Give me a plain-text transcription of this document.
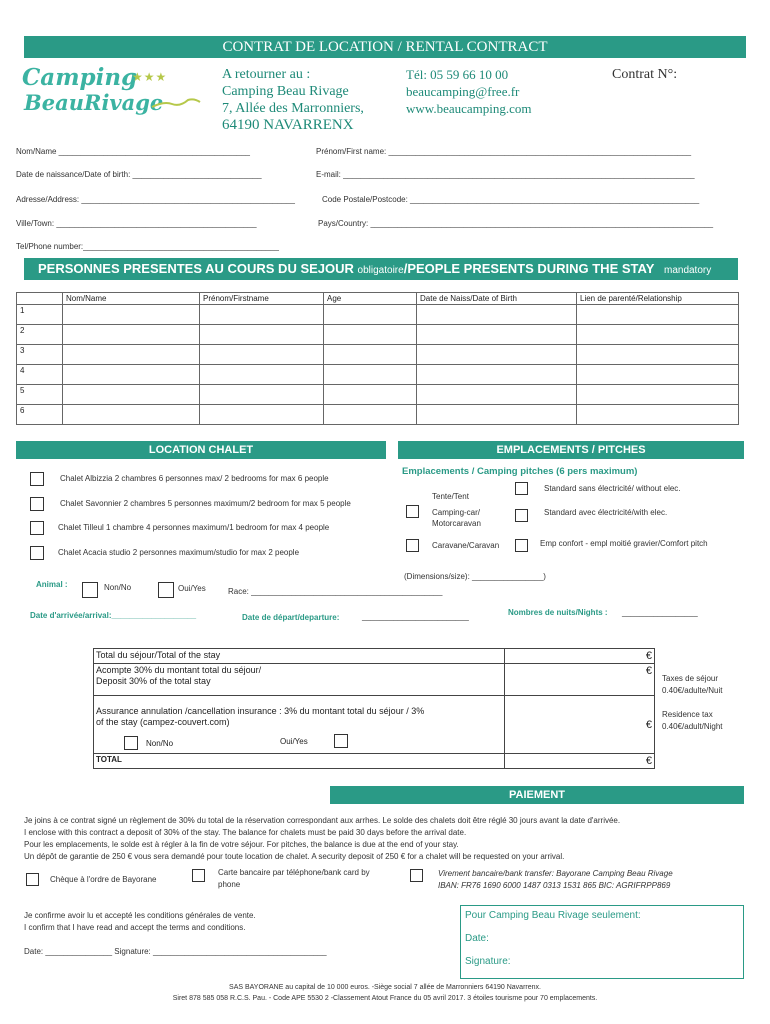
CONTRAT DE LOCATION / RENTAL CONTRACT
Camping
BeauRivage
★★★	A retourner au :
Camping Beau Rivage
7, Allée des Marronniers,
64190 NAVARRENX
Tél: 05 59 66 10 00
beaucamping@free.fr
www.beaucamping.com
Contrat N°:
Nom/Name ___________________________________________	Prénom/First name: ____________________________________________________________________
Date de naissance/Date of birth: _____________________________	E-mail: _______________________________________________________________________________
Adresse/Address: ________________________________________________	Code Postale/Postcode: _________________________________________________________________
Ville/Town: _____________________________________________	Pays/Country: _____________________________________________________________________________
Tel/Phone number:____________________________________________
PERSONNES PRESENTES AU COURS DU SEJOUR obligatoire/PEOPLE PRESENTS DURING THE STAY mandatory
	Nom/Name	Prénom/Firstname	Age	Date de Naiss/Date of Birth	Lien de parenté/Relationship
1					
2					
3					
4					
5					
6					
LOCATION CHALET
Chalet Albizzia 2 chambres 6 personnes max/ 2 bedrooms for max 6 people
Chalet Savonnier 2 chambres 5 personnes maximum/2 bedroom for max 5 people
Chalet Tilleul 1 chambre 4 personnes maximum/1 bedroom for max 4 people
Chalet Acacia studio 2 personnes maximum/studio for max 2 people
EMPLACEMENTS / PITCHES
Emplacements / Camping pitches (6 pers maximum)
Tente/Tent
Camping-car/ Motorcaravan
Caravane/Caravan
Standard sans électricité/ without elec.
Standard avec électricité/with elec.
Emp confort - empl moitié gravier/Comfort pitch
(Dimensions/size): ________________)
Animal :	Non/No	Oui/Yes	Race: ___________________________________________
Date d'arrivée/arrival:___________________	Date de départ/departure:	________________________	Nombres de nuits/Nights : _________________
Total du séjour/Total of the stay	€

Acompte 30% du montant total du séjour/
Deposit 30% of the total stay	€

Assurance annulation /cancellation insurance : 3% du montant total du séjour / 3%
of the stay (campez-couvert.com)
Non/No Oui/Yes	€
TOTAL	€
Taxes de séjour
0.40€/adulte/Nuit
Residence tax
0.40€/adult/Night
PAIEMENT
Je joins à ce contrat signé un règlement de 30% du total de la réservation correspondant aux arrhes. Le solde des chalets doit être réglé 30 jours avant la date d'arrivée.
I enclose with this contract a deposit of 30% of the stay. The balance for chalets must be paid 30 days before the arrival date.
Pour les emplacements, le solde est à régler à la fin de votre séjour. For pitches, the balance is due at the end of your stay.
Un dépôt de garantie de 250 € vous sera demandé pour toute location de chalet. A security deposit of 250 € for a chalet will be requested on your arrival.
Chèque à l'ordre de Bayorane
Carte bancaire par téléphone/bank card by
phone
Virement bancaire/bank transfer: Bayorane Camping Beau Rivage
IBAN: FR76 1690 6000 1487 0313 1531 865 BIC: AGRIFRPP869
Je confirme avoir lu et accepté les conditions générales de vente.
I confirm that I have read and accept the terms and conditions.
Date: _______________ Signature: _______________________________________
Pour Camping Beau Rivage seulement:
Date:
Signature:
SAS BAYORANE au capital de 10 000 euros. -Siège social 7 allée de Marronniers 64190 Navarrenx.
Siret 878 585 058 R.C.S. Pau. - Code APE 5530 2 -Classement Atout France du 05 avril 2017. 3 étoiles tourisme pour 70 emplacements.
